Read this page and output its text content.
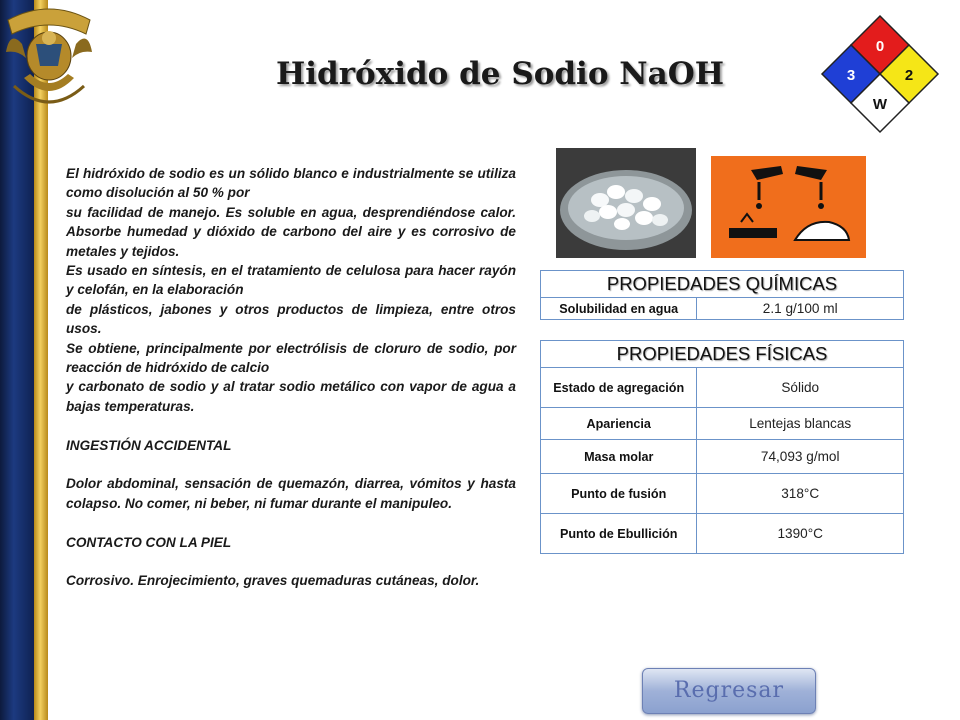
Hidróxido de Sodio NaOH
0
3	2
W

El hidróxido de sodio es un sólido blanco e industrialmente se utiliza como disolución al 50 % por

su facilidad de manejo. Es soluble en agua, desprendiéndose calor. Absorbe humedad y dióxido de carbono del aire y es corrosivo de metales y tejidos.

Es usado en síntesis, en el tratamiento de celulosa para hacer rayón y celofán, en la elaboración

de plásticos, jabones y otros productos de limpieza, entre otros usos.

Se obtiene, principalmente por electrólisis de cloruro de sodio, por reacción de hidróxido de calcio

y carbonato de sodio y al tratar sodio metálico con vapor de agua a bajas temperaturas.

INGESTIÓN ACCIDENTAL

Dolor abdominal, sensación de quemazón, diarrea, vómitos y hasta colapso. No comer, ni beber, ni fumar durante el manipuleo.

CONTACTO CON LA PIEL

Corrosivo. Enrojecimiento, graves quemaduras cutáneas, dolor.

PROPIEDADES QUÍMICAS
Solubilidad en agua	2.1 g/100 ml
PROPIEDADES FÍSICAS	
Estado de agregación	Sólido
Apariencia	Lentejas blancas
Masa molar	74,093 g/mol
Punto de fusión	318°C
Punto de Ebullición	1390°C
Regresar
